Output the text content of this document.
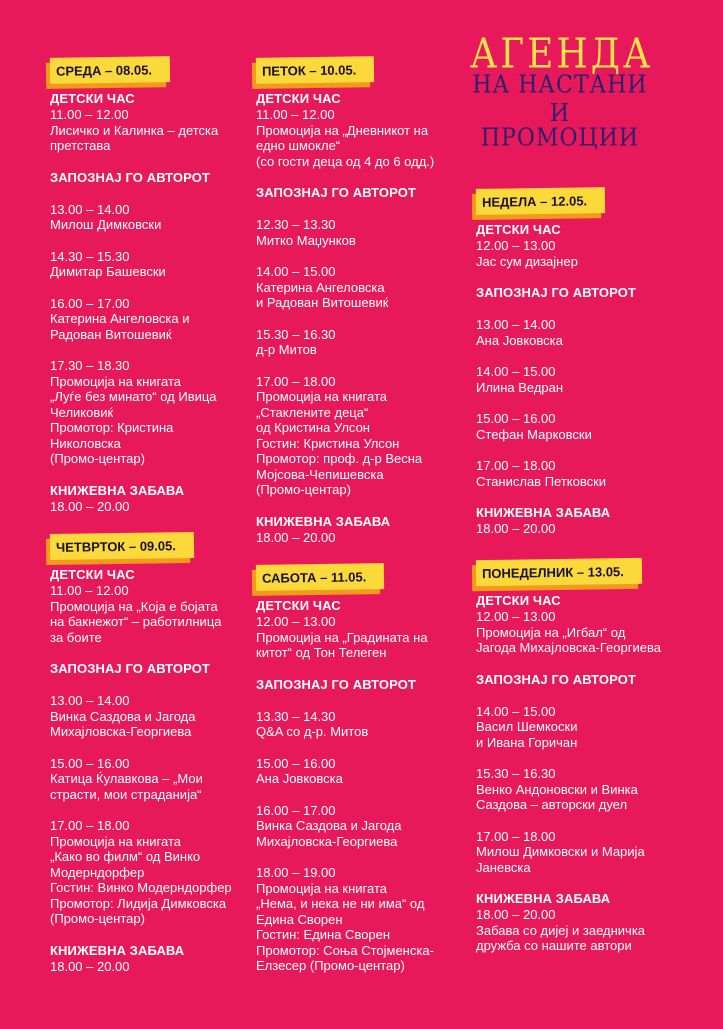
АГЕНДА
НА НАСТАНИ И
ПРОМОЦИИ
СРЕДА – 08.05.
ДЕТСКИ ЧАС
11.00 – 12.00
Лисичко и Калинка – детска
претстава
ЗАПОЗНАЈ ГО АВТОРОТ
13.00 – 14.00
Милош Димковски
14.30 – 15.30
Димитар Башевски
16.00 – 17.00
Катерина Ангеловска и
Радован Витошевиќ
17.30 – 18.30
Промоција на книгата
„Луѓе без минато“ од Ивица
Челиковиќ
Промотор: Кристина
Николовска
(Промо-центар)
КНИЖЕВНА ЗАБАВА
18.00 – 20.00
ЧЕТВРТОК – 09.05.
ДЕТСКИ ЧАС
11.00 – 12.00
Промоција на „Која е бојата
на бакнежот“ – работилница
за боите
ЗАПОЗНАЈ ГО АВТОРОТ
13.00 – 14.00
Винка Саздова и Јагода
Михајловска-Георгиева
15.00 – 16.00
Катица Ќулавкова – „Мои
страсти, мои страданија“
17.00 – 18.00
Промоција на книгата
„Како во филм“ од Винко
Модерндорфер
Гостин: Винко Модерндорфер
Промотор: Лидија Димковска
(Промо-центар)
КНИЖЕВНА ЗАБАВА
18.00 – 20.00
ПЕТОК – 10.05.
ДЕТСКИ ЧАС
11.00 – 12.00
Промоција на „Дневникот на
едно шмокле“
(со гости деца од 4 до 6 одд.)
ЗАПОЗНАЈ ГО АВТОРОТ
12.30 – 13.30
Митко Маџунков
14.00 – 15.00
Катерина Ангеловска
и Радован Витошевиќ
15.30 – 16.30
д-р Митов
17.00 – 18.00
Промоција на книгата
„Стаклените деца“
од Кристина Улсон
Гостин: Кристина Улсон
Промотор: проф. д-р Весна
Мојсова-Чепишевска
(Промо-центар)
КНИЖЕВНА ЗАБАВА
18.00 – 20.00
САБОТА – 11.05.
ДЕТСКИ ЧАС
12.00 – 13.00
Промоција на „Градината на
китот“ од Тон Телеген
ЗАПОЗНАЈ ГО АВТОРОТ
13.30 – 14.30
Q&A со д-р. Митов
15.00 – 16.00
Ана Јовковска
16.00 – 17.00
Винка Саздова и Јагода
Михајловска-Георгиева
18.00 – 19.00
Промоција на книгата
„Нема, и нека не ни има“ од
Едина Сворен
Гостин: Едина Сворен
Промотор: Соња Стојменска-
Елзесер (Промо-центар)
НЕДЕЛА – 12.05.
ДЕТСКИ ЧАС
12.00 – 13.00
Јас сум дизајнер
ЗАПОЗНАЈ ГО АВТОРОТ
13.00 – 14.00
Ана Јовковска
14.00 – 15.00
Илина Ведран
15.00 – 16.00
Стефан Марковски
17.00 – 18.00
Станислав Петковски
КНИЖЕВНА ЗАБАВА
18.00 – 20.00
ПОНЕДЕЛНИК – 13.05.
ДЕТСКИ ЧАС
12.00 – 13.00
Промоција на „Игбал“ од
Јагода Михајловска-Георгиева
ЗАПОЗНАЈ ГО АВТОРОТ
14.00 – 15.00
Васил Шемкоски
и Ивана Горичан
15.30 – 16.30
Венко Андоновски и Винка
Саздова – авторски дуел
17.00 – 18.00
Милош Димковски и Марија
Јаневска
КНИЖЕВНА ЗАБАВА
18.00 – 20.00
Забава со дијеј и заедничка
дружба со нашите автори
